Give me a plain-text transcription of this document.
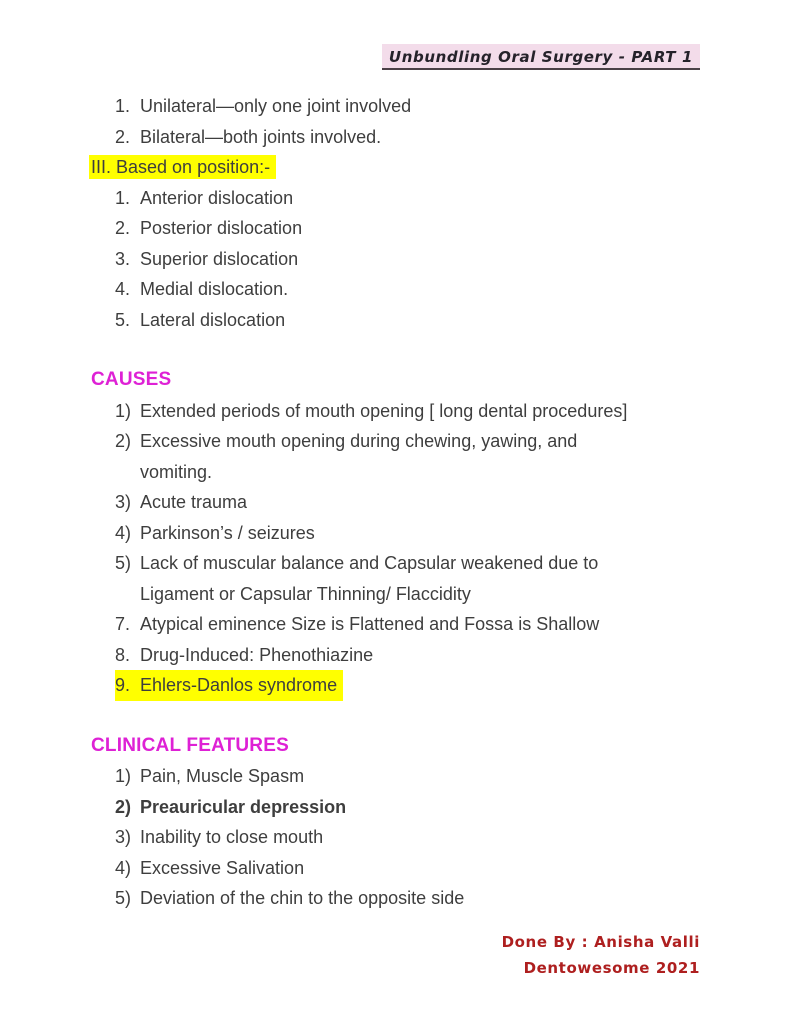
Unbundling Oral Surgery - PART 1
1. Unilateral—only one joint involved
2. Bilateral—both joints involved.
III. Based on position:-
1. Anterior dislocation
2. Posterior dislocation
3. Superior dislocation
4. Medial dislocation.
5. Lateral dislocation
CAUSES
1) Extended periods of mouth opening [ long dental procedures]
2) Excessive mouth opening during chewing, yawing, and
vomiting.
3) Acute trauma
4) Parkinson’s / seizures
5) Lack of muscular balance and Capsular weakened due to
Ligament or Capsular Thinning/ Flaccidity
7. Atypical eminence Size is Flattened and Fossa is Shallow
8. Drug-Induced: Phenothiazine
9. Ehlers-Danlos syndrome
CLINICAL FEATURES
1) Pain, Muscle Spasm
2) Preauricular depression
3) Inability to close mouth
4) Excessive Salivation
5) Deviation of the chin to the opposite side
Done By : Anisha Valli
Dentowesome 2021
